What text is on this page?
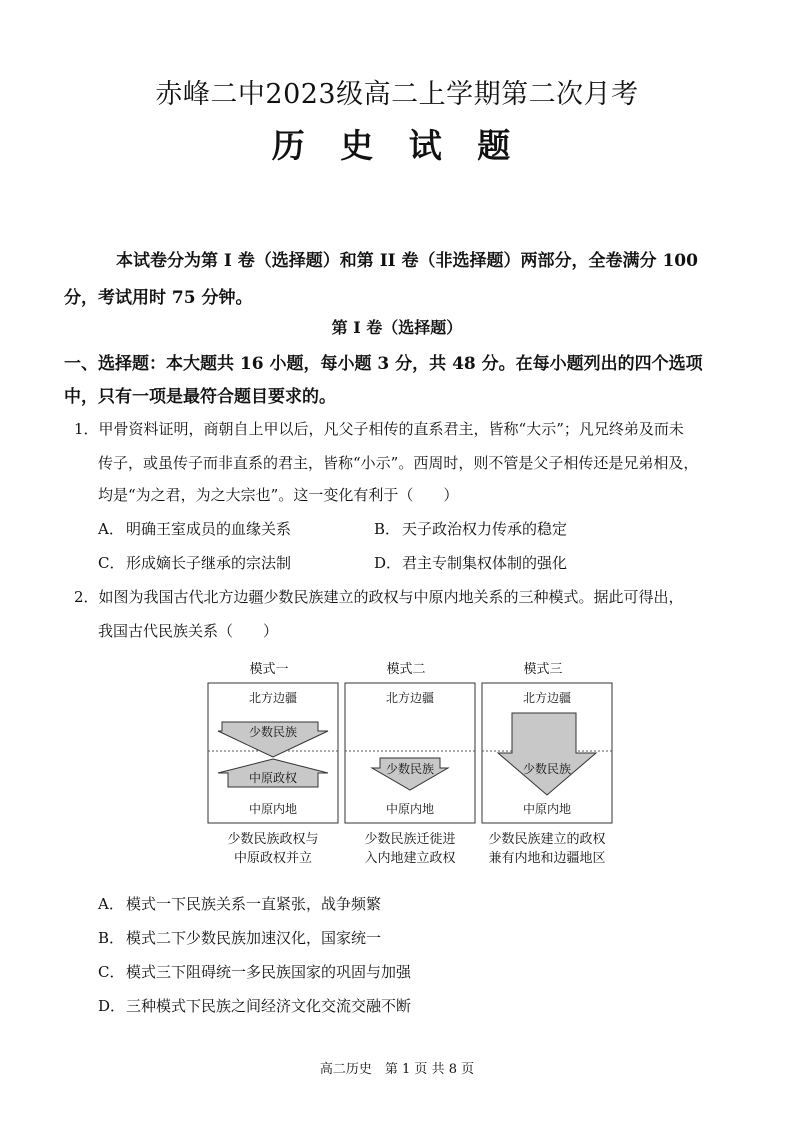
赤峰二中2023级高二上学期第二次月考
历 史 试 题
本试卷分为第 I 卷（选择题）和第 II 卷（非选择题）两部分，全卷满分 100
分，考试用时 75 分钟。
第 I 卷（选择题）
一、选择题：本大题共 16 小题，每小题 3 分，共 48 分。在每小题列出的四个选项
中，只有一项是最符合题目要求的。
1．甲骨资料证明，商朝自上甲以后，凡父子相传的直系君主，皆称“大示”；凡兄终弟及而未
传子，或虽传子而非直系的君主，皆称“小示”。西周时，则不管是父子相传还是兄弟相及，
均是“为之君，为之大宗也”。这一变化有利于（　　）
A． 明确王室成员的血缘关系	B． 天子政治权力传承的稳定
C． 形成嫡长子继承的宗法制	D．君主专制集权体制的强化
2．如图为我国古代北方边疆少数民族建立的政权与中原内地关系的三种模式。据此可得出，
我国古代民族关系（　　）
模式一	模式二	模式三
北方边疆
少数民族
中原政权
中原内地
北方边疆
少数民族
中原内地
北方边疆
少数民族
中原内地
少数民族政权与
中原政权并立
少数民族迁徙进
入内地建立政权
少数民族建立的政权
兼有内地和边疆地区
A． 模式一下民族关系一直紧张，战争频繁
B． 模式二下少数民族加速汉化，国家统一
C． 模式三下阻碍统一多民族国家的巩固与加强
D．三种模式下民族之间经济文化交流交融不断
高二历史　第 1 页 共 8 页
